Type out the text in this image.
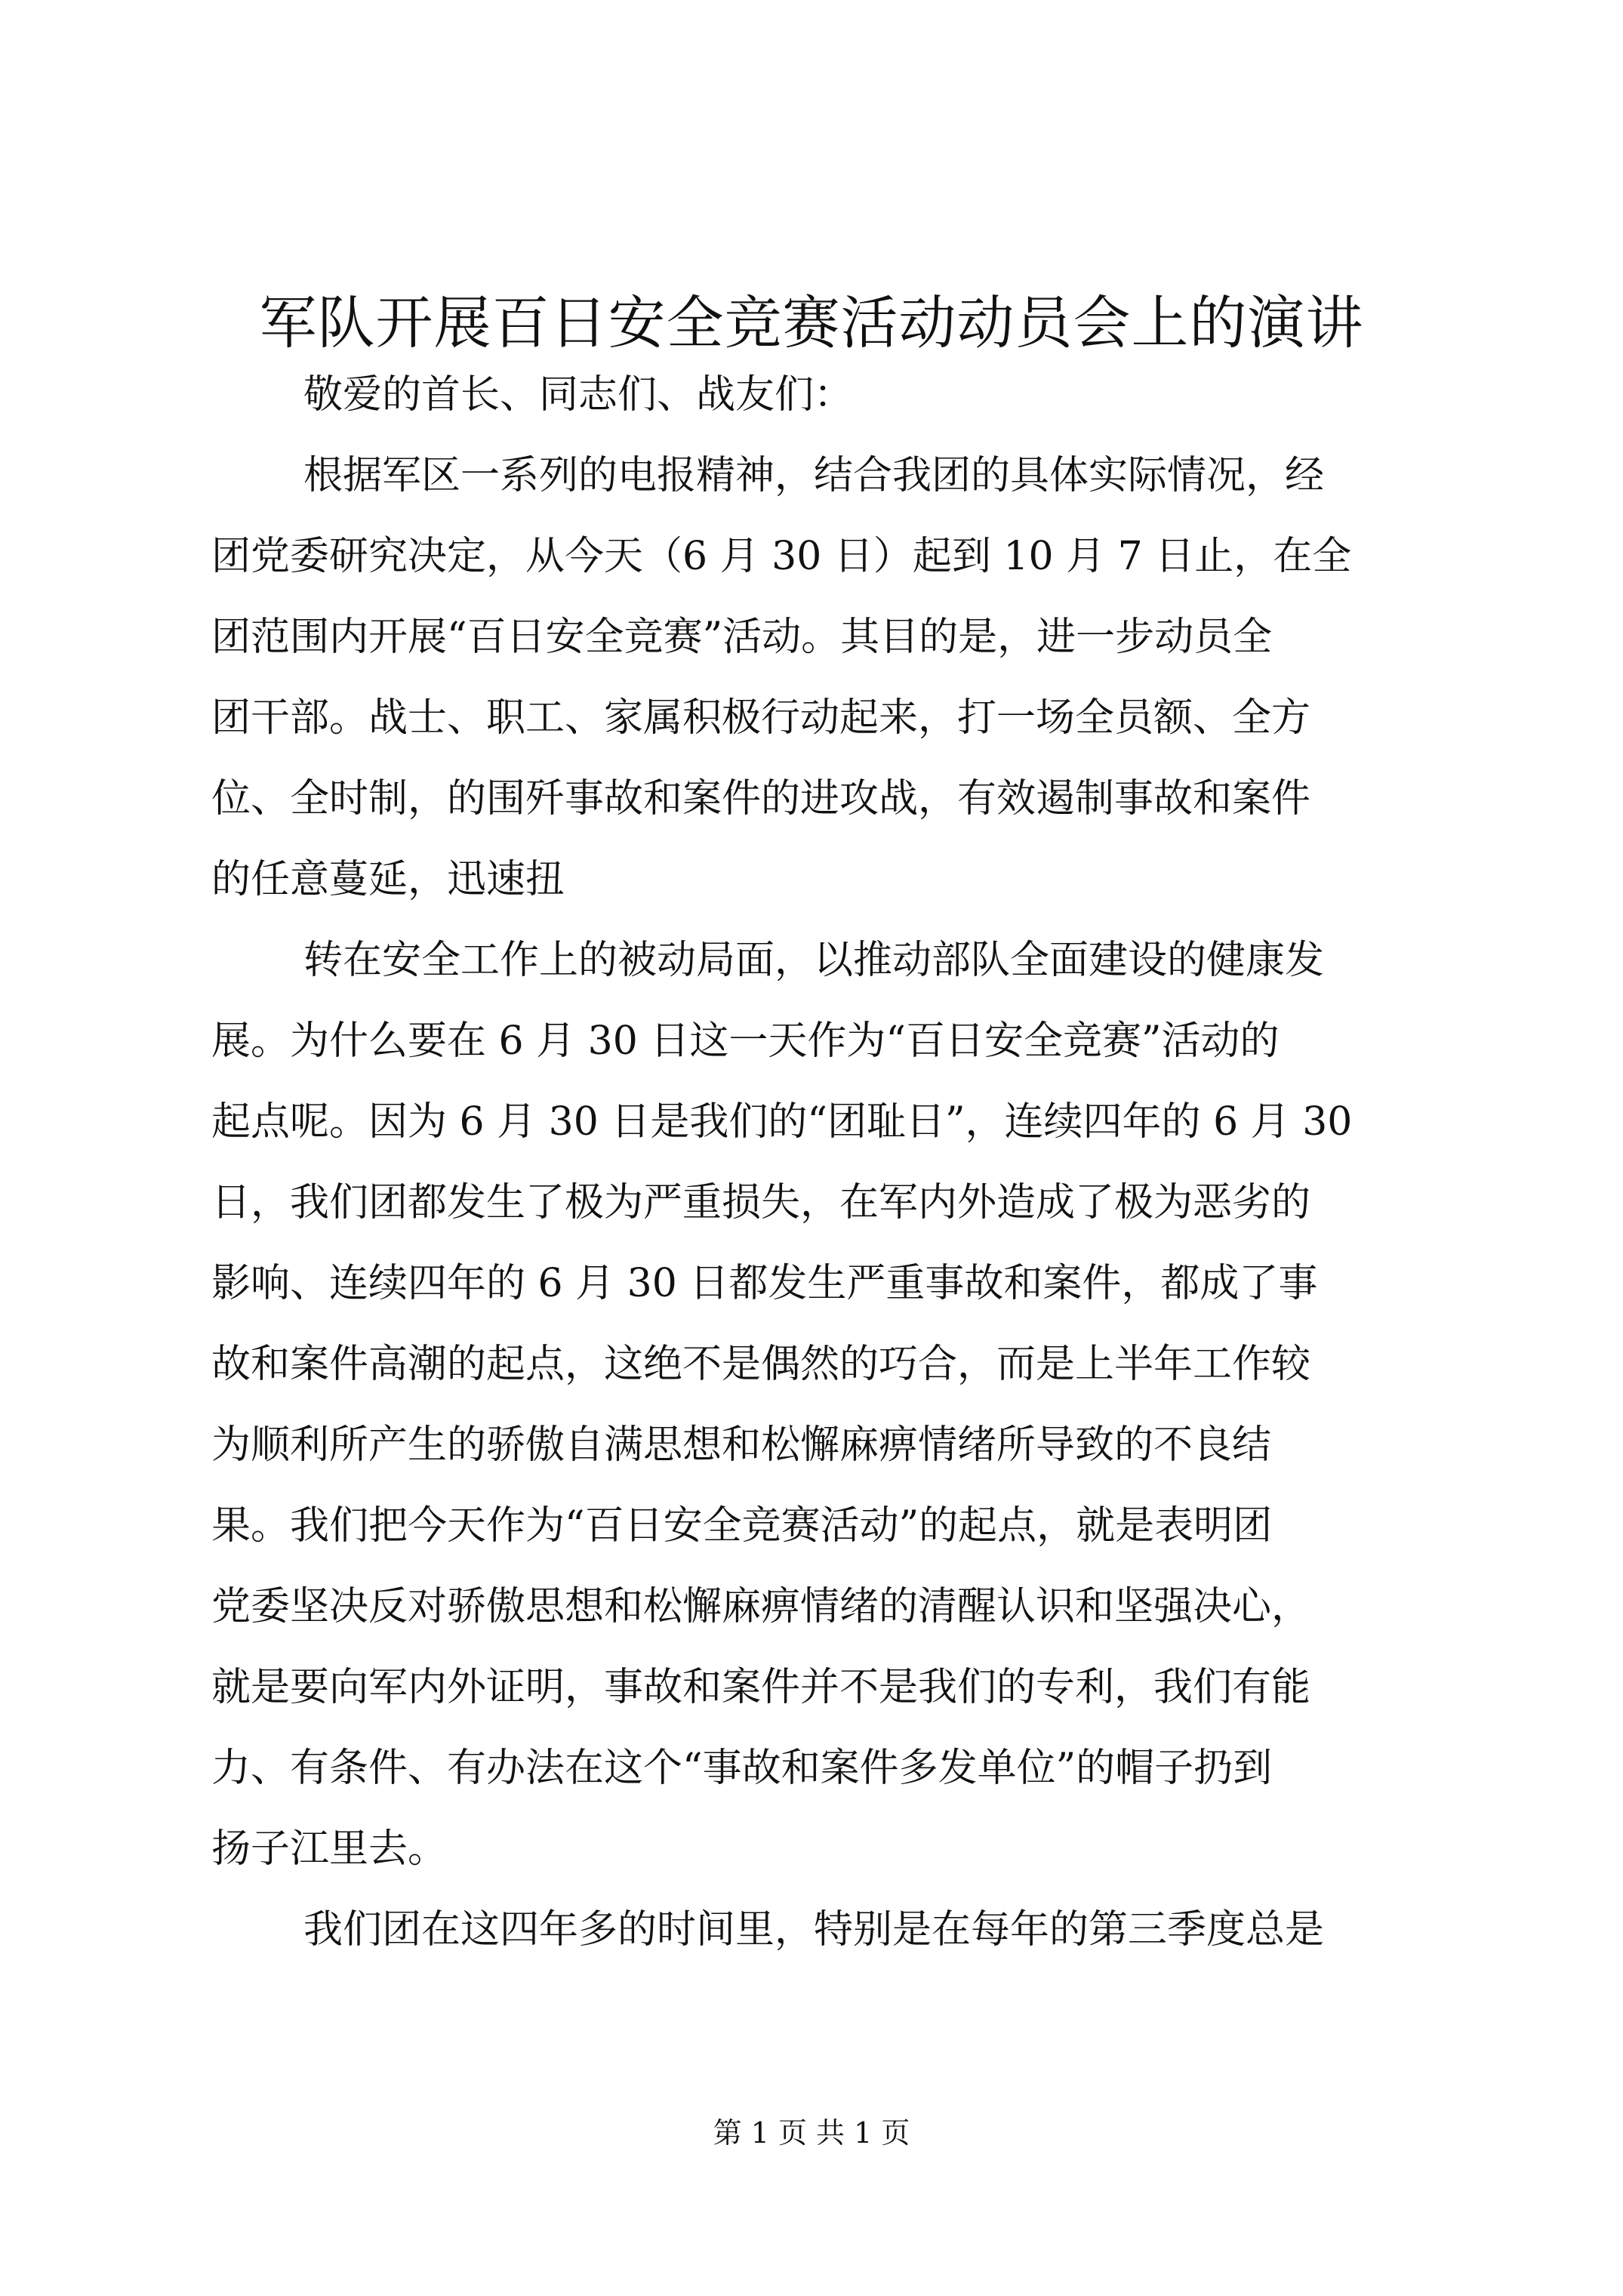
军队开展百日安全竞赛活动动员会上的演讲

敬爱的首长、同志们、战友们：

根据军区一系列的电报精神，结合我团的具体实际情况，经

团党委研究决定，从今天（6 月 30 日）起到 10 月 7 日止，在全

团范围内开展“百日安全竞赛”活动。其目的是，进一步动员全

团干部。战士、职工、家属积极行动起来，打一场全员额、全方

位、全时制，的围歼事故和案件的进攻战，有效遏制事故和案件

的任意蔓延，迅速扭

转在安全工作上的被动局面，以推动部队全面建设的健康发

展。为什么要在 6 月 30 日这一天作为“百日安全竞赛”活动的

起点呢。因为 6 月 30 日是我们的“团耻日”，连续四年的 6 月 30

日，我们团都发生了极为严重损失，在军内外造成了极为恶劣的

影响、连续四年的 6 月 30 日都发生严重事故和案件，都成了事

故和案件高潮的起点，这绝不是偶然的巧合，而是上半年工作较

为顺利所产生的骄傲自满思想和松懈麻痹情绪所导致的不良结

果。我们把今天作为“百日安全竞赛活动”的起点，就是表明团

党委坚决反对骄傲思想和松懈麻痹情绪的清醒认识和坚强决心，

就是要向军内外证明，事故和案件并不是我们的专利，我们有能

力、有条件、有办法在这个“事故和案件多发单位”的帽子扔到

扬子江里去。

我们团在这四年多的时间里，特别是在每年的第三季度总是

第 1 页 共 1 页
